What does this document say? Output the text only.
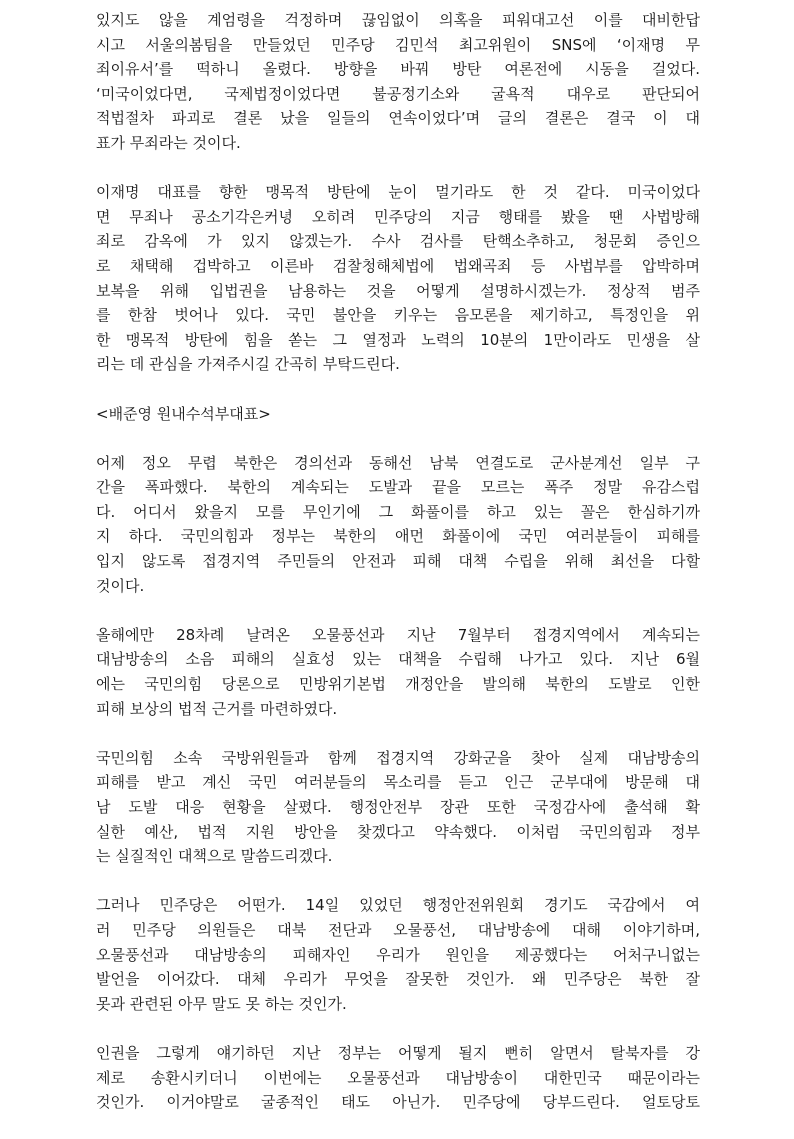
있지도 않을 계엄령을 걱정하며 끊임없이 의혹을 피워대고선 이를 대비한답
시고 서울의봄팀을 만들었던 민주당 김민석 최고위원이 SNS에 ‘이재명 무
죄이유서’를 떡하니 올렸다. 방향을 바꿔 방탄 여론전에 시동을 걸었다.
‘미국이었다면, 국제법정이었다면 불공정기소와 굴욕적 대우로 판단되어
적법절차 파괴로 결론 났을 일들의 연속이었다’며 글의 결론은 결국 이 대
표가 무죄라는 것이다.
이재명 대표를 향한 맹목적 방탄에 눈이 멀기라도 한 것 같다. 미국이었다
면 무죄나 공소기각은커녕 오히려 민주당의 지금 행태를 봤을 땐 사법방해
죄로 감옥에 가 있지 않겠는가. 수사 검사를 탄핵소추하고, 청문회 증인으
로 채택해 겁박하고 이른바 검찰청해체법에 법왜곡죄 등 사법부를 압박하며
보복을 위해 입법권을 남용하는 것을 어떻게 설명하시겠는가. 정상적 범주
를 한참 벗어나 있다. 국민 불안을 키우는 음모론을 제기하고, 특정인을 위
한 맹목적 방탄에 힘을 쏟는 그 열정과 노력의 10분의 1만이라도 민생을 살
리는 데 관심을 가져주시길 간곡히 부탁드린다.
<배준영 원내수석부대표>
어제 정오 무렵 북한은 경의선과 동해선 남북 연결도로 군사분계선 일부 구
간을 폭파했다. 북한의 계속되는 도발과 끝을 모르는 폭주 정말 유감스럽
다. 어디서 왔을지 모를 무인기에 그 화풀이를 하고 있는 꼴은 한심하기까
지 하다. 국민의힘과 정부는 북한의 애먼 화풀이에 국민 여러분들이 피해를
입지 않도록 접경지역 주민들의 안전과 피해 대책 수립을 위해 최선을 다할
것이다.
올해에만 28차례 날려온 오물풍선과 지난 7월부터 접경지역에서 계속되는
대남방송의 소음 피해의 실효성 있는 대책을 수립해 나가고 있다. 지난 6월
에는 국민의힘 당론으로 민방위기본법 개정안을 발의해 북한의 도발로 인한
피해 보상의 법적 근거를 마련하였다.
국민의힘 소속 국방위원들과 함께 접경지역 강화군을 찾아 실제 대남방송의
피해를 받고 계신 국민 여러분들의 목소리를 듣고 인근 군부대에 방문해 대
남 도발 대응 현황을 살폈다. 행정안전부 장관 또한 국정감사에 출석해 확
실한 예산, 법적 지원 방안을 찾겠다고 약속했다. 이처럼 국민의힘과 정부
는 실질적인 대책으로 말씀드리겠다.
그러나 민주당은 어떤가. 14일 있었던 행정안전위원회 경기도 국감에서 여
러 민주당 의원들은 대북 전단과 오물풍선, 대남방송에 대해 이야기하며,
오물풍선과 대남방송의 피해자인 우리가 원인을 제공했다는 어처구니없는
발언을 이어갔다. 대체 우리가 무엇을 잘못한 것인가. 왜 민주당은 북한 잘
못과 관련된 아무 말도 못 하는 것인가.
인권을 그렇게 얘기하던 지난 정부는 어떻게 될지 뻔히 알면서 탈북자를 강
제로 송환시키더니 이번에는 오물풍선과 대남방송이 대한민국 때문이라는
것인가. 이거야말로 굴종적인 태도 아닌가. 민주당에 당부드린다. 얼토당토
